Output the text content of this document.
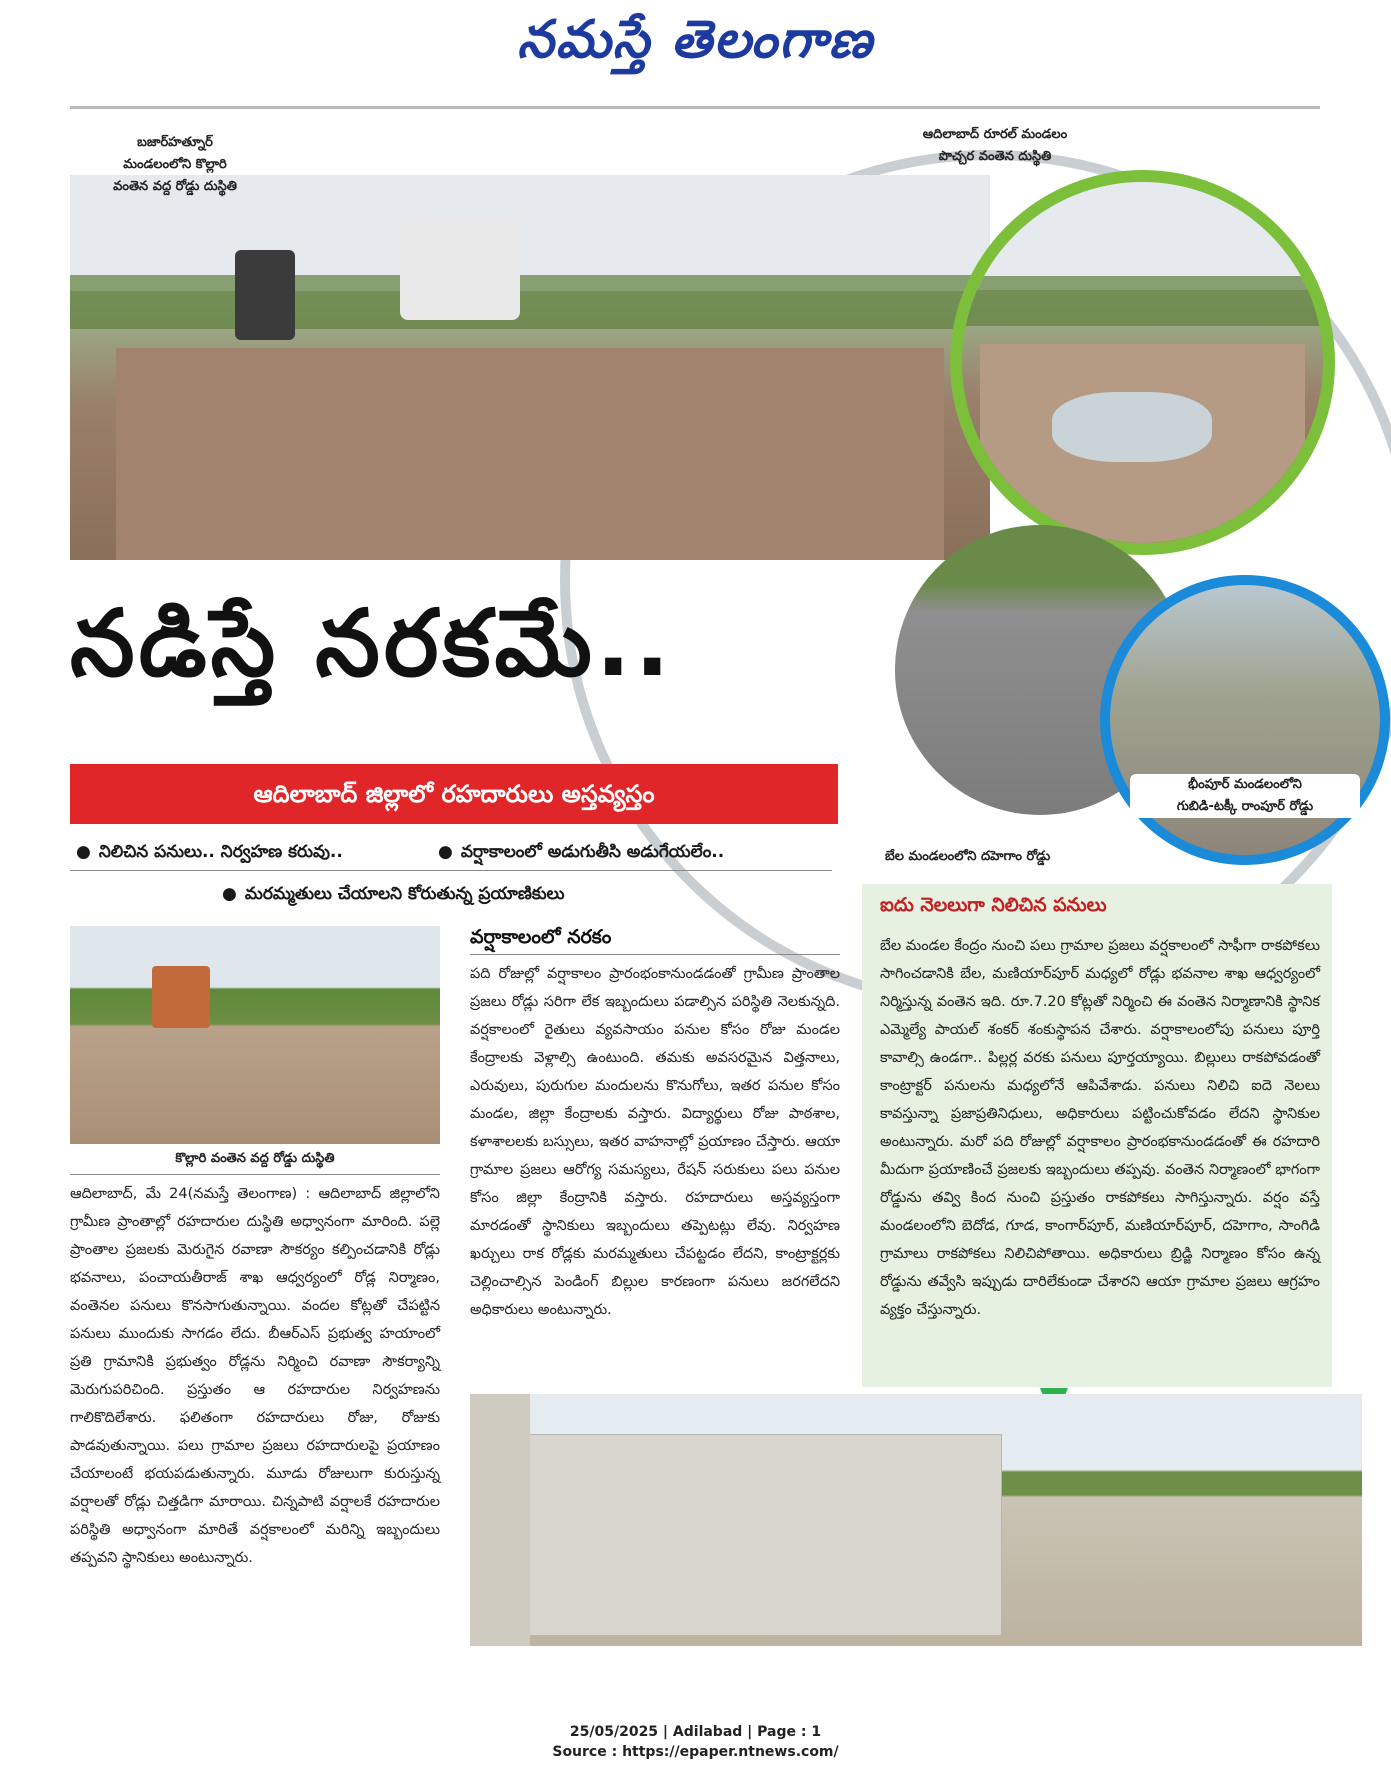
నమస్తే తెలంగాణ
బజార్‌హత్నూర్
మండలంలోని కొల్లారి
వంతెన వద్ద రోడ్డు దుస్థితి
ఆదిలాబాద్ రూరల్ మండలం
పొచ్చర వంతెన దుస్థితి
భీంపూర్ మండలంలోని
గుబిడి-టక్కీ రాంపూర్ రోడ్డు
నడిస్తే నరకమే..
ఆదిలాబాద్ జిల్లాలో రహదారులు అస్తవ్యస్తం
● నిలిచిన పనులు.. నిర్వహణ కరువు..
●	వర్షాకాలంలో అడుగుతీసి అడుగేయలేం..
● మరమ్మతులు చేయాలని కోరుతున్న ప్రయాణికులు
బేల మండలంలోని దహెగాం రోడ్డు
కొల్లారి వంతెన వద్ద రోడ్డు దుస్థితి
ఆదిలాబాద్, మే 24(నమస్తే తెలంగాణ) : ఆదిలాబాద్ జిల్లాలోని గ్రామీణ ప్రాంతాల్లో రహదారుల దుస్థితి అధ్వానంగా మారింది. పల్లె ప్రాంతాల ప్రజలకు మెరుగైన రవాణా సౌకర్యం కల్పించడానికి రోడ్లు భవనాలు, పంచాయతీరాజ్ శాఖ ఆధ్వర్యంలో రోడ్ల నిర్మాణం, వంతెనల పనులు కొనసాగుతున్నాయి. వందల కోట్లతో చేపట్టిన పనులు ముందుకు సాగడం లేదు. బీఆర్‌ఎస్ ప్రభుత్వ హయాంలో ప్రతి గ్రామానికి ప్రభుత్వం రోడ్లను నిర్మించి రవాణా సౌకర్యాన్ని మెరుగుపరిచింది. ప్రస్తుతం ఆ రహదారుల నిర్వహణను గాలికొదిలేశారు. ఫలితంగా రహదారులు రోజు, రోజుకు పాడవుతున్నాయి. పలు గ్రామాల ప్రజలు రహదారులపై ప్రయాణం చేయాలంటే భయపడుతున్నారు. మూడు రోజులుగా కురుస్తున్న వర్షాలతో రోడ్లు చిత్తడిగా మారాయి. చిన్నపాటి వర్షాలకే రహదారుల పరిస్థితి అధ్వానంగా మారితే వర్షకాలంలో మరిన్ని ఇబ్బందులు తప్పవని స్థానికులు అంటున్నారు.
వర్షాకాలంలో నరకం
పది రోజుల్లో వర్షాకాలం ప్రారంభంకానుండడంతో గ్రామీణ ప్రాంతాల ప్రజలు రోడ్లు సరిగా లేక ఇబ్బందులు పడాల్సిన పరిస్థితి నెలకున్నది. వర్షకాలంలో రైతులు వ్యవసాయం పనుల కోసం రోజు మండల కేంద్రాలకు వెళ్లాల్సి ఉంటుంది. తమకు అవసరమైన విత్తనాలు, ఎరువులు, పురుగుల మందులను కొనుగోలు, ఇతర పనుల కోసం మండల, జిల్లా కేంద్రాలకు వస్తారు. విద్యార్థులు రోజు పాఠశాల, కళాశాలలకు బస్సులు, ఇతర వాహనాల్లో ప్రయాణం చేస్తారు. ఆయా గ్రామాల ప్రజలు ఆరోగ్య సమస్యలు, రేషన్ సరుకులు పలు పనుల కోసం జిల్లా కేంద్రానికి వస్తారు. రహదారులు అస్తవ్యస్తంగా మారడంతో స్థానికులు ఇబ్బందులు తప్పెటట్లు లేవు. నిర్వహణ ఖర్చులు రాక రోడ్లకు మరమ్మతులు చేపట్టడం లేదని, కాంట్రాక్టర్లకు చెల్లించాల్సిన పెండింగ్ బిల్లుల కారణంగా పనులు జరగలేదని అధికారులు అంటున్నారు.
ఐదు నెలలుగా నిలిచిన పనులు
బేల మండల కేంద్రం నుంచి పలు గ్రామాల ప్రజలు వర్షకాలంలో సాఫీగా రాకపోకలు సాగించడానికి బేల, మణియార్‌పూర్ మధ్యలో రోడ్లు భవనాల శాఖ ఆధ్వర్యంలో నిర్మిస్తున్న వంతెన ఇది. రూ.7.20 కోట్లతో నిర్మించి ఈ వంతెన నిర్మాణానికి స్థానిక ఎమ్మెల్యే పాయల్ శంకర్ శంకుస్థాపన చేశారు. వర్షాకాలంలోపు పనులు పూర్తి కావాల్సి ఉండగా.. పిల్లర్ల వరకు పనులు పూర్తయ్యాయి. బిల్లులు రాకపోవడంతో కాంట్రాక్టర్ పనులను మధ్యలోనే ఆపివేశాడు. పనులు నిలిచి ఐదె నెలలు కావస్తున్నా ప్రజాప్రతినిధులు, అధికారులు పట్టించుకోవడం లేదని స్థానికుల అంటున్నారు. మరో పది రోజుల్లో వర్షాకాలం ప్రారంభకానుండడంతో ఈ రహదారి మీదుగా ప్రయాణించే ప్రజలకు ఇబ్బందులు తప్పవు. వంతెన నిర్మాణంలో భాగంగా రోడ్డును తవ్వి కింద నుంచి ప్రస్తుతం రాకపోకలు సాగిస్తున్నారు. వర్షం వస్తే మండలంలోని బెదోడ, గూడ, కాంగార్‌పూర్, మణియార్‌పూర్, దహెగాం, సాంగిడి గ్రామాలు రాకపోకలు నిలిచిపోతాయి. అధికారులు బ్రిడ్జి నిర్మాణం కోసం ఉన్న రోడ్డును తవ్వేసి ఇప్పుడు దారిలేకుండా చేశారని ఆయా గ్రామాల ప్రజలు ఆగ్రహం వ్యక్తం చేస్తున్నారు.
25/05/2025 | Adilabad | Page : 1
Source : https://epaper.ntnews.com/
